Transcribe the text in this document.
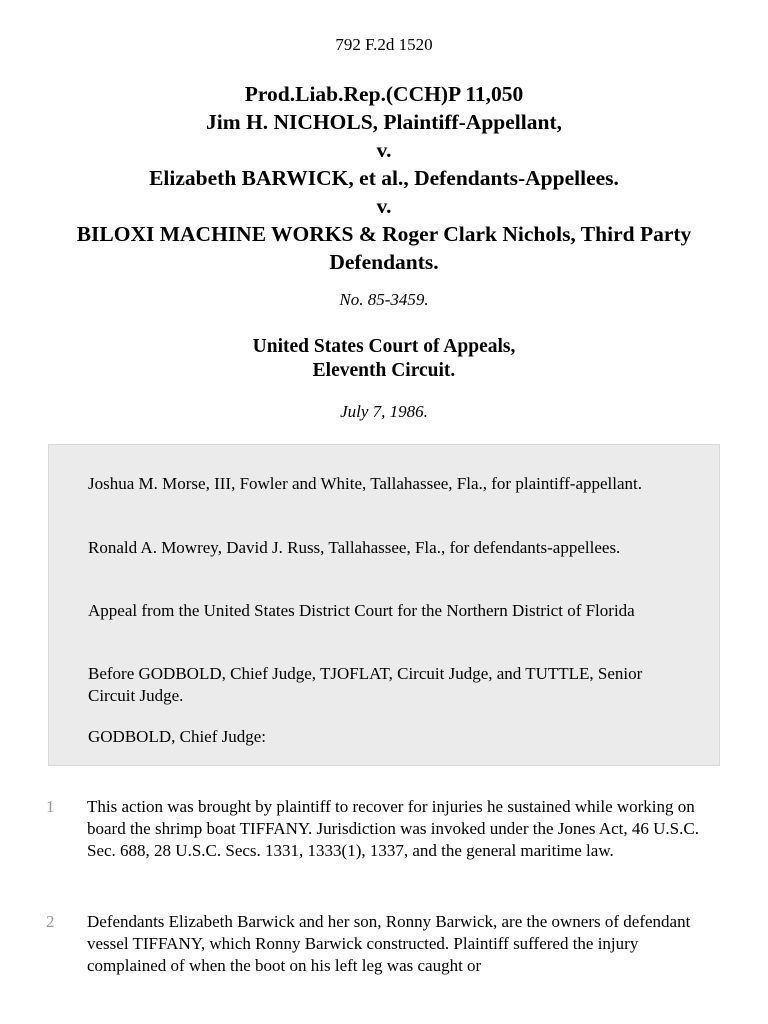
792 F.2d 1520
Prod.Liab.Rep.(CCH)P 11,050
Jim H. NICHOLS, Plaintiff-Appellant,
v.
Elizabeth BARWICK, et al., Defendants-Appellees.
v.
BILOXI MACHINE WORKS & Roger Clark Nichols, Third Party Defendants.
No. 85-3459.
United States Court of Appeals,
Eleventh Circuit.
July 7, 1986.

Joshua M. Morse, III, Fowler and White, Tallahassee, Fla., for plaintiff-appellant.

Ronald A. Mowrey, David J. Russ, Tallahassee, Fla., for defendants-appellees.

Appeal from the United States District Court for the Northern District of Florida

Before GODBOLD, Chief Judge, TJOFLAT, Circuit Judge, and TUTTLE, Senior Circuit Judge.

GODBOLD, Chief Judge:

1 This action was brought by plaintiff to recover for injuries he sustained while working on board the shrimp boat TIFFANY. Jurisdiction was invoked under the Jones Act, 46 U.S.C. Sec. 688, 28 U.S.C. Secs. 1331, 1333(1), 1337, and the general maritime law.
2 Defendants Elizabeth Barwick and her son, Ronny Barwick, are the owners of defendant vessel TIFFANY, which Ronny Barwick constructed. Plaintiff suffered the injury complained of when the boot on his left leg was caught or
